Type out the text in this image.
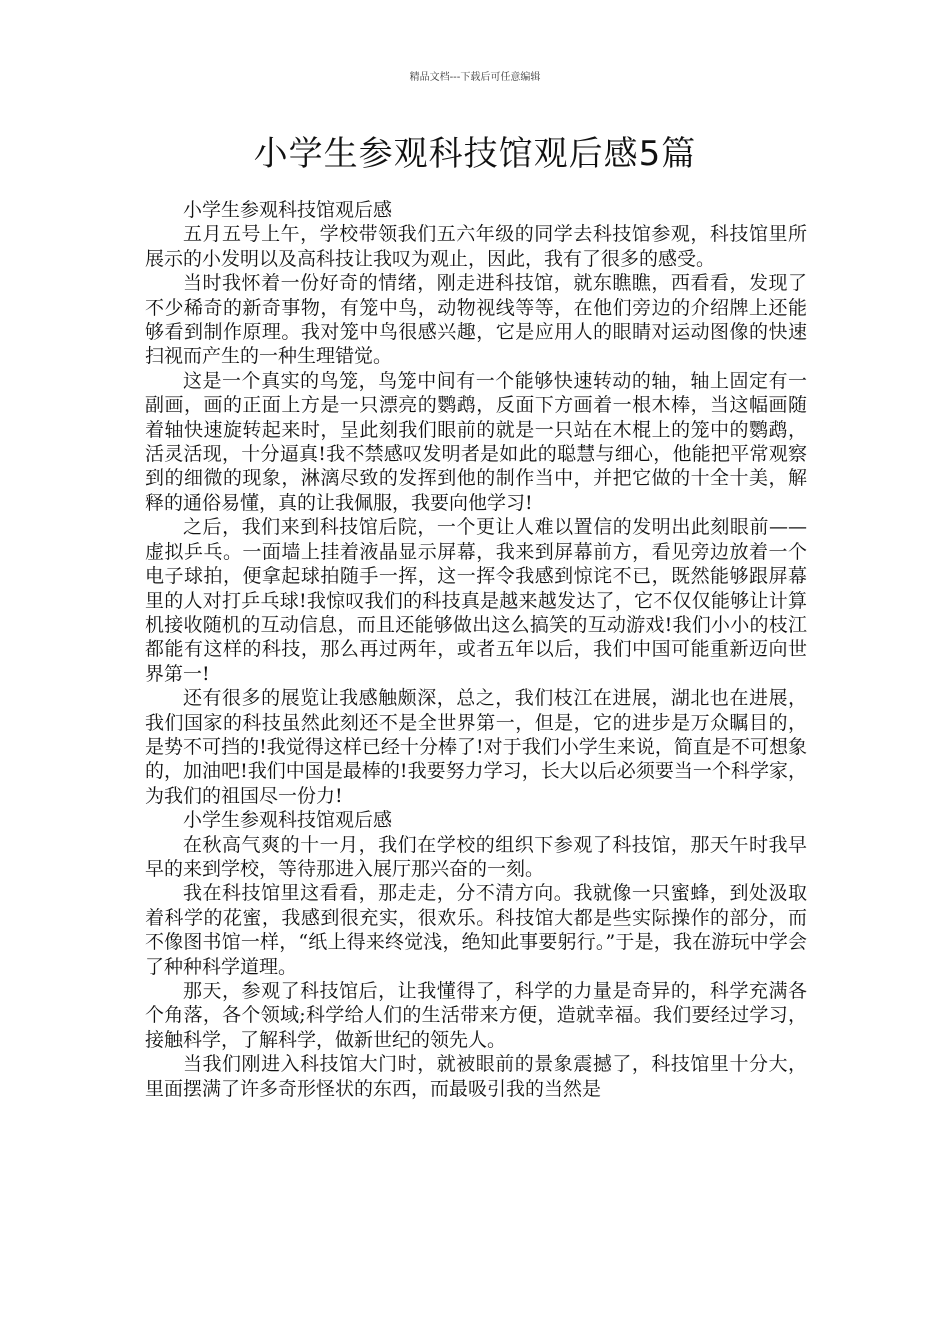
精品文档---下载后可任意编辑
小学生参观科技馆观后感5篇

小学生参观科技馆观后感

五月五号上午，学校带领我们五六年级的同学去科技馆参观，科技馆里所展示的小发明以及高科技让我叹为观止，因此，我有了很多的感受。

当时我怀着一份好奇的情绪，刚走进科技馆，就东瞧瞧，西看看，发现了不少稀奇的新奇事物，有笼中鸟，动物视线等等，在他们旁边的介绍牌上还能够看到制作原理。我对笼中鸟很感兴趣，它是应用人的眼睛对运动图像的快速扫视而产生的一种生理错觉。

这是一个真实的鸟笼，鸟笼中间有一个能够快速转动的轴，轴上固定有一副画，画的正面上方是一只漂亮的鹦鹉，反面下方画着一根木棒，当这幅画随着轴快速旋转起来时，呈此刻我们眼前的就是一只站在木棍上的笼中的鹦鹉，活灵活现，十分逼真!我不禁感叹发明者是如此的聪慧与细心，他能把平常观察到的细微的现象，淋漓尽致的发挥到他的制作当中，并把它做的十全十美，解释的通俗易懂，真的让我佩服，我要向他学习!

之后，我们来到科技馆后院，一个更让人难以置信的发明出此刻眼前——虚拟乒乓。一面墙上挂着液晶显示屏幕，我来到屏幕前方，看见旁边放着一个电子球拍，便拿起球拍随手一挥，这一挥令我感到惊诧不已，既然能够跟屏幕里的人对打乒乓球!我惊叹我们的科技真是越来越发达了，它不仅仅能够让计算机接收随机的互动信息，而且还能够做出这么搞笑的互动游戏!我们小小的枝江都能有这样的科技，那么再过两年，或者五年以后，我们中国可能重新迈向世界第一!

还有很多的展览让我感触颇深，总之，我们枝江在进展，湖北也在进展，我们国家的科技虽然此刻还不是全世界第一，但是，它的进步是万众瞩目的，是势不可挡的!我觉得这样已经十分棒了!对于我们小学生来说，简直是不可想象的，加油吧!我们中国是最棒的!我要努力学习，长大以后必须要当一个科学家，为我们的祖国尽一份力!

小学生参观科技馆观后感

在秋高气爽的十一月，我们在学校的组织下参观了科技馆，那天午时我早早的来到学校，等待那进入展厅那兴奋的一刻。

我在科技馆里这看看，那走走，分不清方向。我就像一只蜜蜂，到处汲取着科学的花蜜，我感到很充实，很欢乐。科技馆大都是些实际操作的部分，而不像图书馆一样，“纸上得来终觉浅，绝知此事要躬行。”于是，我在游玩中学会了种种科学道理。

那天，参观了科技馆后，让我懂得了，科学的力量是奇异的，科学充满各个角落，各个领域;科学给人们的生活带来方便，造就幸福。我们要经过学习，接触科学，了解科学，做新世纪的领先人。

当我们刚进入科技馆大门时，就被眼前的景象震撼了，科技馆里十分大，里面摆满了许多奇形怪状的东西，而最吸引我的当然是
